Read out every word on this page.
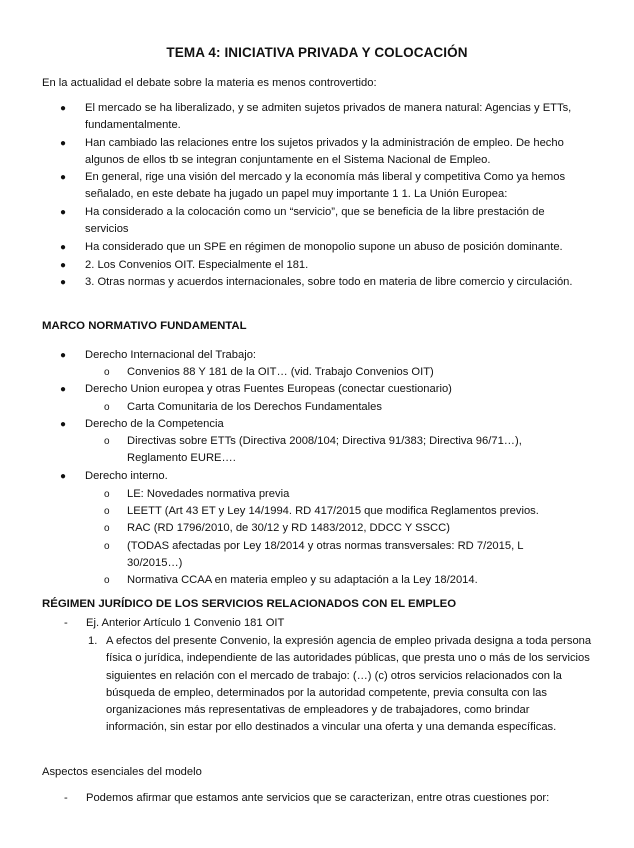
TEMA 4: INICIATIVA PRIVADA Y COLOCACIÓN
En la actualidad el debate sobre la materia es menos controvertido:
●	El mercado se ha liberalizado, y se admiten sujetos privados de manera natural: Agencias y ETTs, fundamentalmente.
●	Han cambiado las relaciones entre los sujetos privados y la administración de empleo. De hecho algunos de ellos tb se integran conjuntamente en el Sistema Nacional de Empleo.
●	En general, rige una visión del mercado y la economía más liberal y competitiva Como ya hemos señalado, en este debate ha jugado un papel muy importante 1 1. La Unión Europea:
●	Ha considerado a la colocación como un “servicio”, que se beneficia de la libre prestación de servicios
●	Ha considerado que un SPE en régimen de monopolio supone un abuso de posición dominante.
●	2. Los Convenios OIT. Especialmente el 181.
●	3. Otras normas y acuerdos internacionales, sobre todo en materia de libre comercio y circulación.
MARCO NORMATIVO FUNDAMENTAL
●	Derecho Internacional del Trabajo:
o Convenios 88 Y 181 de la OIT… (vid. Trabajo Convenios OIT)
●	Derecho Union europea y otras Fuentes Europeas (conectar cuestionario)
o Carta Comunitaria de los Derechos Fundamentales
●	Derecho de la Competencia
o Directivas sobre ETTs (Directiva 2008/104; Directiva 91/383; Directiva 96/71…), Reglamento EURE….
●	Derecho interno.
o LE: Novedades normativa previa
o LEETT (Art 43 ET y Ley 14/1994. RD 417/2015 que modifica Reglamentos previos.
o RAC (RD 1796/2010, de 30/12 y RD 1483/2012, DDCC Y SSCC)
o (TODAS afectadas por Ley 18/2014 y otras normas transversales: RD 7/2015, L 30/2015…)
o Normativa CCAA en materia empleo y su adaptación a la Ley 18/2014.
RÉGIMEN JURÍDICO DE LOS SERVICIOS RELACIONADOS CON EL EMPLEO
- Ej. Anterior Artículo 1 Convenio 181 OIT
1. A efectos del presente Convenio, la expresión agencia de empleo privada designa a toda persona física o jurídica, independiente de las autoridades públicas, que presta uno o más de los servicios siguientes en relación con el mercado de trabajo: (…) (c) otros servicios relacionados con la búsqueda de empleo, determinados por la autoridad competente, previa consulta con las organizaciones más representativas de empleadores y de trabajadores, como brindar información, sin estar por ello destinados a vincular una oferta y una demanda específicas.
Aspectos esenciales del modelo
- Podemos afirmar que estamos ante servicios que se caracterizan, entre otras cuestiones por:
